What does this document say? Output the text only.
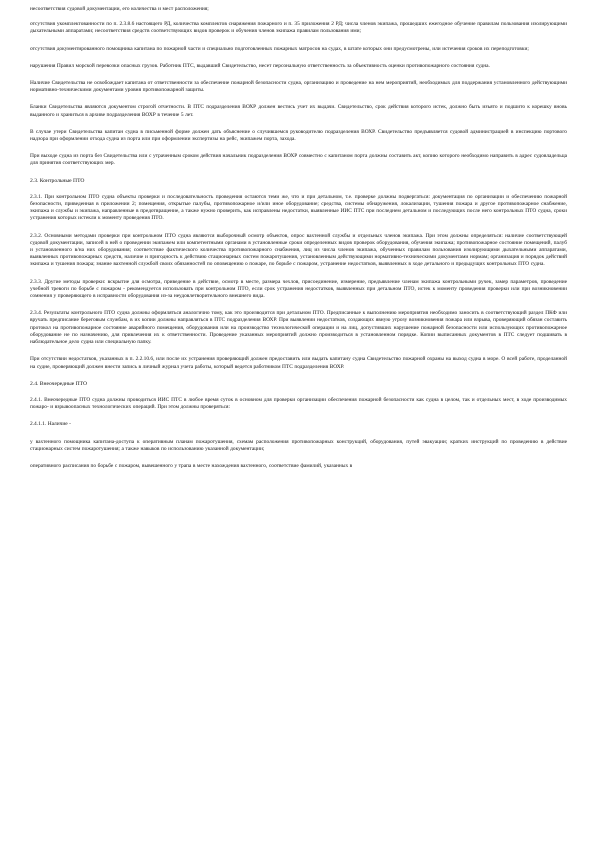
несоответствия судовой документации, его количества и мест расположения;

отсутствия укомплектованности по п. 2.3.8.6 настоящего РД, количества комплектов снаряжения пожарного и п. 35 приложения 2 РД; числа членов экипажа, прошедших ежегодное обучение правилам пользования изолирующими дыхательными аппаратами; несоответствия средств соответствующих видов проверок и обучения членов экипажа правилам пользования ими;

отсутствия документированного помощника капитана по пожарной части и специально подготовленных пожарных матросов на судах, в штате которых они предусмотрены, или истечения сроков их переподготовки;

нарушения Правил морской перевозки опасных грузов. Работник ПТС, выдавший Свидетельство, несет персональную ответственность за объективность оценки противопожарного состояния судна.

Наличие Свидетельства не освобождает капитана от ответственности за обеспечение пожарной безопасности судна, организацию и проведение на нем мероприятий, необходимых для поддержания установленного действующими нормативно-техническими документами уровня противопожарной защиты.

Бланки Свидетельства являются документом строгой отчетности. В ПТС подразделения ВОХР должен вестись учет их выдачи. Свидетельство, срок действия которого истек, должно быть изъято и подшито к корешку вновь выданного и храниться в архиве подразделения ВОХР в течение 5 лет.

В случае утери Свидетельства капитан судна в письменной форме должен дать объяснение о случившемся руководителю подразделения ВОХР. Свидетельство предъявляется судовой администрацией в инспекцию портового надзора при оформлении отхода судна из порта или при оформлении экспертизы на рейс, экипажем порта, захода.

При выходе судна из порта без Свидетельства или с утраченным сроком действия начальник подразделения ВОХР совместно с капитаном порта должны составить акт, копию которого необходимо направить в адрес судовладельца для принятия соответствующих мер.

2.3. Контрольные ПТО

2.3.1. При контрольном ПТО судна объекты проверки и последовательность проведения остаются теми же, что и при детальном, т.е. проверке должны подвергаться: документация по организации и обеспечению пожарной безопасности, приведенная в приложении 2; помещения, открытые палубы, противопожарное и/или иное оборудование; средства, системы обнаружения, локализации, тушения пожара и другое противопожарное снабжение, экипажа и службы и экипажа, направленные в предотвращение, а также нужно проверить, как исправлены недостатки, выявленные ИИС ПТС при последнем детальном и последующих после него контрольных ПТО судна, сроки устранения которых истекли к моменту проведения ПТО.

2.3.2. Основными методами проверки при контрольном ПТО судна являются выборочный осмотр объектов, опрос вахтенной службы и отдельных членов экипажа. При этом должны определяться: наличие соответствующей судовой документации, записей в ней о проведении экипажем или компетентными органами в установленные сроки определенных видов проверок оборудования, обучения экипажа; противопожарное состояние помещений, палуб и установленного в/на них оборудования; соответствие фактического количества противопожарного снабжения, лиц из числа членов экипажа, обученных правилам пользования изолирующими дыхательными аппаратами, выявленных противопожарных средств, наличие и пригодность к действию стационарных систем пожаротушения, установленным действующими нормативно-техническими документами нормам; организация и порядок действий экипажа и тушения пожара; знание вахтенной службой своих обязанностей по оповещению о пожаре, по борьбе с пожаром, устранение недостатков, выявленных в ходе детального и предыдущих контрольных ПТО судна.

2.3.3. Другие методы проверки: вскрытие для осмотра, приведение в действие, осмотр в месте, размера чехлов, присоединение, измерение, предъявление членам экипажа контрольными ручек, замер параметров, проведение учебной тревоги по борьбе с пожаром - рекомендуется использовать при контрольном ПТО, если срок устранения недостатков, выявленных при детальном ПТО, истек к моменту проведения проверки или при возникновении сомнения у проверяющего в исправности оборудования из-за неудовлетворительного внешнего вида.

2.3.4. Результаты контрольного ПТО судна должны оформляться аналогично тому, как это производится при детальном ПТО. Предписанные к выполнению мероприятия необходимо заносить в соответствующий раздел ПКФ или вручать предписание береговым службам, в их копии должны направляться в ПТС подразделения ВОХР. При выявлении недостатков, создающих явную угрозу возникновения пожара или взрыва, проверяющий обязан составить протокол на противопожарное состояние аварийного помещения, оборудования или на производство технологической операции и на лиц, допустивших нарушение пожарной безопасности или использующих противопожарное оборудование не по назначению, для привлечения их к ответственности. Проведение указанных мероприятий должно производиться в установленном порядке. Копии выписанных документов в ПТС следует подшивать в наблюдательное дело судна или специальную папку.

При отсутствии недостатков, указанных в п. 2.2.10.6, или после их устранения проверяющий должен предоставить или выдать капитану судна Свидетельство пожарной охраны на выход судна в море. О всей работе, проделанной на судне, проверяющий должен внести запись в личный журнал учета работы, который ведется работником ПТС подразделения ВОХР.

2.4. Внеочередные ПТО

2.4.1. Внеочередные ПТО судна должны проводиться ИИС ПТС в любое время суток в основном для проверки организации обеспечения пожарной безопасности как судна в целом, так и отдельных мест, в ходе производимых пожаро- и взрывоопасных технологических операций. При этом должны проверяться:

2.4.1.1. Наличие -

у вахтенного помощника капитана-доступа к оперативным планам пожаротушения, схемам расположения противопожарных конструкций, оборудования, путей эвакуации; кратких инструкций по проведению в действие стационарных систем пожаротушения; а также навыков по использованию указанной документации;

оперативного расписания по борьбе с пожаром, вывешенного у трапа в месте нахождения вахтенного, соответствие фамилий, указанных в
